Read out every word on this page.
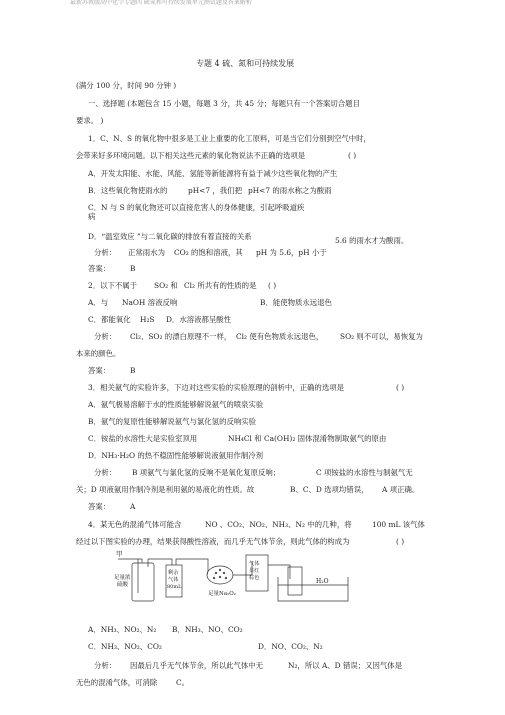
最新苏教版高中化学专题四 硫氮和可持续发展单元测试题及答案解析
专题 4 硫、氮和可持续发展
(满分 100 分，时间 90 分钟 )
一、选择题 (本题包含 15 小题，每题 3 分，共 45 分；每题只有一个答案切合题目
要求。 )
1．C、N、S 的氧化物中很多是工业上重要的化工原料，可是当它们分别到空气中时，
会带来好多环境问题。以下相关这些元素的氧化物说法不正确的选项是	( )
A．开发太阳能、水能、风能、氢能等新能源将有益于减少这些氧化物的产生
B．这些氧化物使雨水的	pH<7 ，我们把 pH<7 的雨水称之为酸雨
C．N 与 S 的氧化物还可以直接危害人的身体健康，引起呼吸道疾
病
D．“温室效应 ”与二氧化碳的排放有着直接的关系	5.6 的雨水才为酸雨。
分析： 正常雨水为 CO₂ 的饱和溶液，其 pH 为 5.6，pH 小于
答案：	B
2．以下不属于 SO₂ 和 Cl₂ 所共有的性质的是 ( )
A．与 NaOH 溶液反响	B．能使物质永远退色
C．都能氧化 H₂S D．水溶液都呈酸性
分析： Cl₂、SO₂ 的漂白原理不一样， Cl₂ 使有色物质永远退色， SO₂ 则不可以，易恢复为
本来的颜色。
答案：	B
3．相关氨气的实验许多，下边对这些实验的实验原理的剖析中，正确的选项是	( )
A．氨气极易溶解于水的性质能够解说氨气的喷泉实验
B．氨气的复原性能够解说氨气与氯化氢的反响实验
C．铵盐的水溶性大是实验室顶用	NH₄Cl 和 Ca(OH)₂ 固体混淆物制取氨气的原由
D．NH₃·H₂O 的热不稳固性能够解说液氨用作制冷剂
分析： B 项氨气与氯化氢的反响不是氧化复原反响；	C 项铵盐的水溶性与制氨气无
关；D 项液氨用作制冷剂是利用氨的易液化的性质。故	B、C、D 选项均错误， A 项正确。
答案：	A
4．某无色的混淆气体可能含	NO 、CO₂、NO₂、NH₃、N₂ 中的几种，将	100 mL 该气体
经过以下图实验的办理，结果获得酸性溶液，而几乎无气体节余，则此气体的构成为	( )
甲
足量浓
硫酸
剩余
气体
80mL
足量Na₂O₂
气体
显红
棕色	H₂O
A．NH₃、NO₂、N₂ B．NH₃、NO、CO₂
C．NH₃、NO₂、CO₂	D．NO、CO₂、N₂
分析： 因最后几乎无气体节余，所以此气体中无	N₂，所以 A、D 错误；又因气体是
无色的混淆气体，可消除	C。
